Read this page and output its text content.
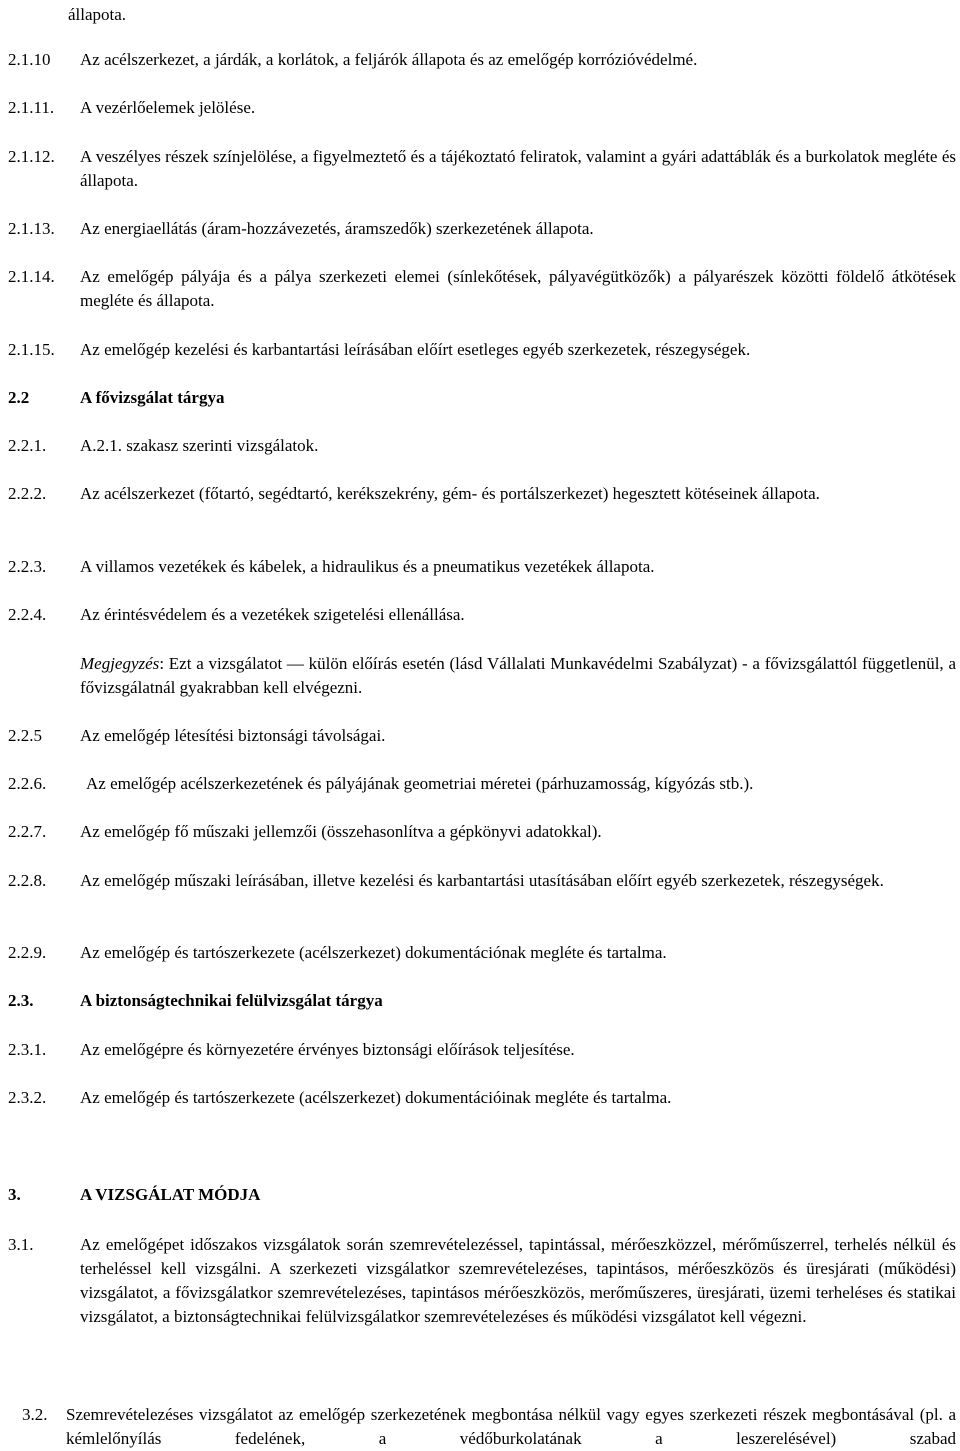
állapota.
2.1.10 Az acélszerkezet, a járdák, a korlátok, a feljárók állapota és az emelőgép korrózióvédelmé.
2.1.11. A vezérlőelemek jelölése.
2.1.12. A veszélyes részek színjelölése, a figyelmeztető és a tájékoztató feliratok, valamint a gyári adattáblák és a burkolatok megléte és állapota.
2.1.13. Az energiaellátás (áram-hozzávezetés, áramszedők) szerkezetének állapota.
2.1.14. Az emelőgép pályája és a pálya szerkezeti elemei (sínlekőtések, pályavégütközők) a pályarészek közötti földelő átkötések megléte és állapota.
2.1.15. Az emelőgép kezelési és karbantartási leírásában előírt esetleges egyéb szerkezetek, részegységek.
2.2	A fővizsgálat tárgya
2.2.1. A.2.1. szakasz szerinti vizsgálatok.
2.2.2. Az acélszerkezet (főtartó, segédtartó, kerékszekrény, gém- és portálszerkezet) hegesztett kötéseinek állapota.
2.2.3. A villamos vezetékek és kábelek, a hidraulikus és a pneumatikus vezetékek állapota.
2.2.4. Az érintésvédelem és a vezetékek szigetelési ellenállása.
Megjegyzés: Ezt a vizsgálatot — külön előírás esetén (lásd Vállalati Munkavédelmi Szabályzat) - a fővizsgálattól függetlenül, a fővizsgálatnál gyakrabban kell elvégezni.
2.2.5 Az emelőgép létesítési biztonsági távolságai.
2.2.6. Az emelőgép acélszerkezetének és pályájának geometriai méretei (párhuzamosság, kígyózás stb.).
2.2.7. Az emelőgép fő műszaki jellemzői (összehasonlítva a gépkönyvi adatokkal).
2.2.8. Az emelőgép műszaki leírásában, illetve kezelési és karbantartási utasításában előírt egyéb szerkezetek, részegységek.
2.2.9. Az emelőgép és tartószerkezete (acélszerkezet) dokumentációnak megléte és tartalma.
2.3.	A biztonságtechnikai felülvizsgálat tárgya
2.3.1. Az emelőgépre és környezetére érvényes biztonsági előírások teljesítése.
2.3.2. Az emelőgép és tartószerkezete (acélszerkezet) dokumentációinak megléte és tartalma.
3.	A VIZSGÁLAT MÓDJA
3.1.	Az emelőgépet időszakos vizsgálatok során szemrevételezéssel, tapintással, mérőeszközzel, mérőműszerrel, terhelés nélkül és terheléssel kell vizsgálni. A szerkezeti vizsgálatkor szemrevételezéses, tapintásos, mérőeszközös és üresjárati (működési) vizsgálatot, a fővizsgálatkor szemrevételezéses, tapintásos mérőeszközös, merőműszeres, üresjárati, üzemi terheléses és statikai vizsgálatot, a biztonságtechnikai felülvizsgálatkor szemrevételezéses és működési vizsgálatot kell végezni.
3.2. Szemrevételezéses vizsgálatot az emelőgép szerkezetének megbontása nélkül vagy egyes szerkezeti részek megbontásával (pl. a kémlelőnyílás fedelének, a védőburkolatának a leszerelésével) szabad
